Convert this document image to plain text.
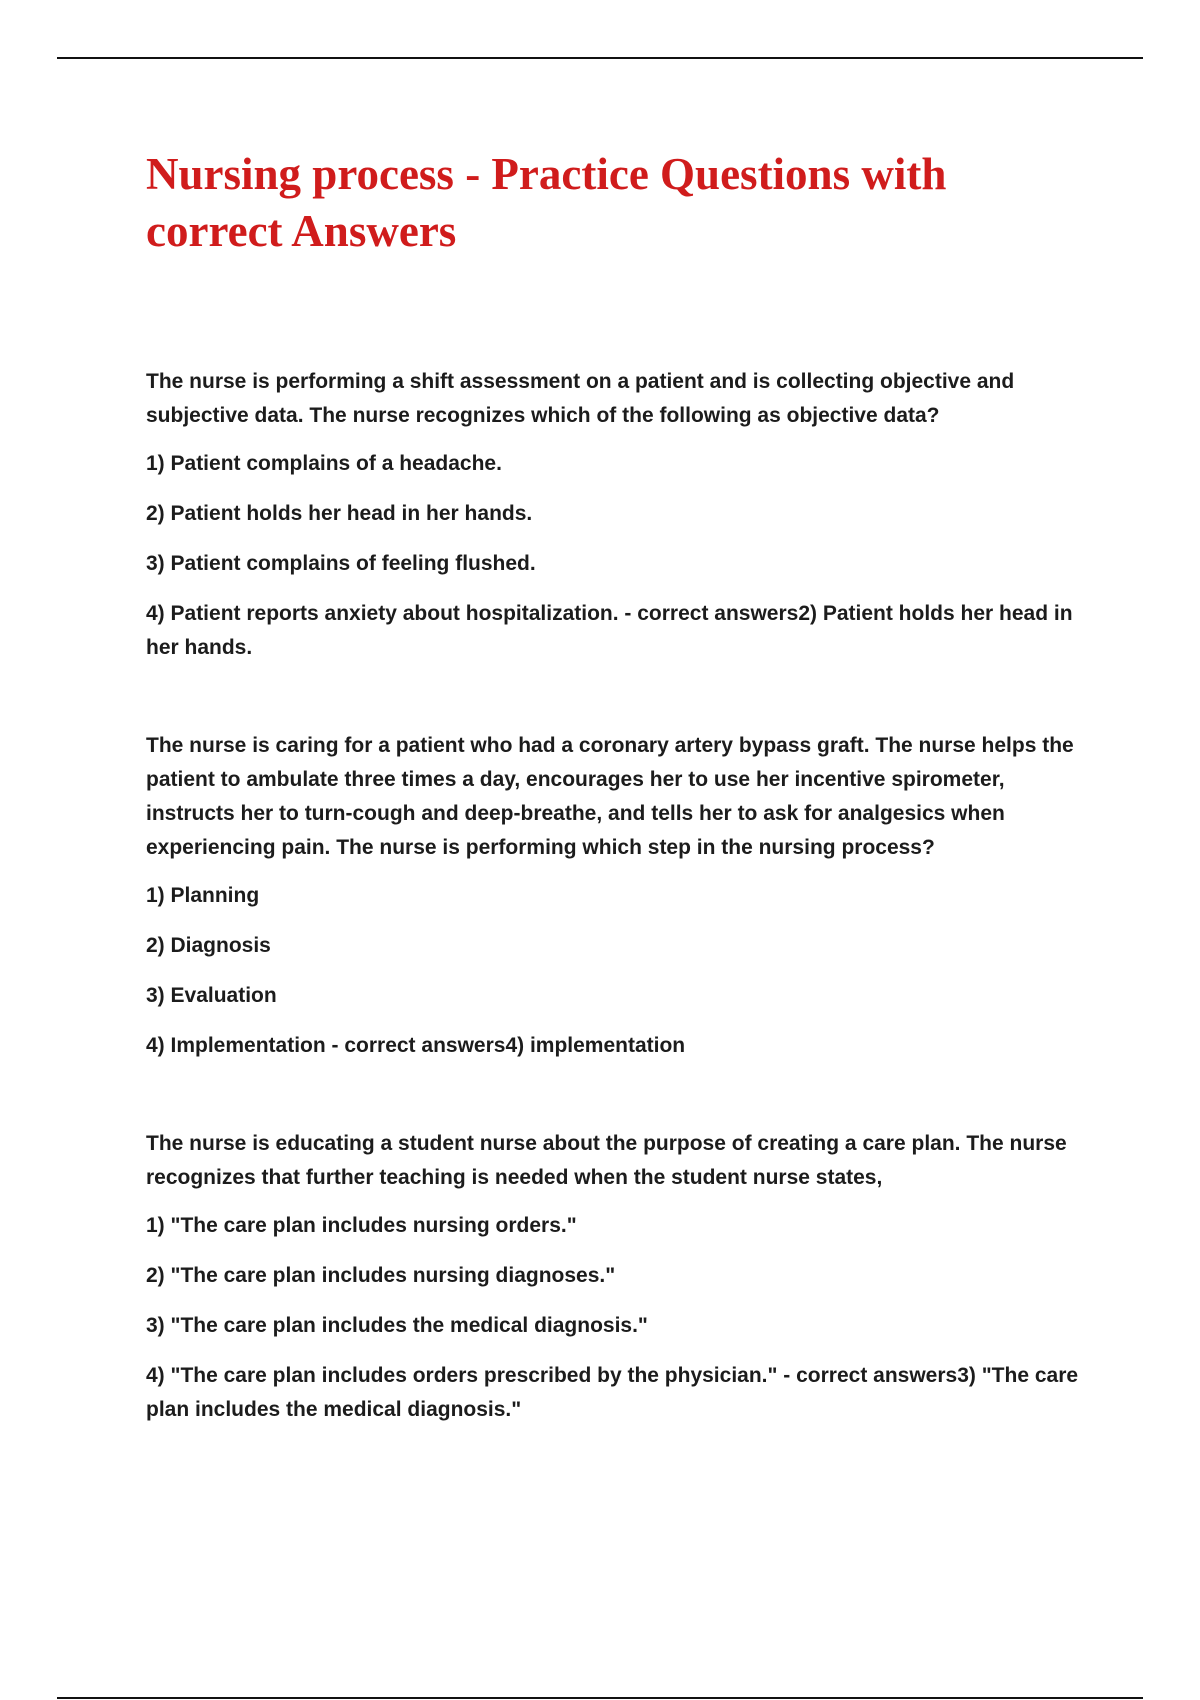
Nursing process - Practice Questions with correct Answers

The nurse is performing a shift assessment on a patient and is collecting objective and subjective data. The nurse recognizes which of the following as objective data?

1) Patient complains of a headache.

2) Patient holds her head in her hands.

3) Patient complains of feeling flushed.

4) Patient reports anxiety about hospitalization. - correct answers2) Patient holds her head in her hands.

The nurse is caring for a patient who had a coronary artery bypass graft. The nurse helps the patient to ambulate three times a day, encourages her to use her incentive spirometer, instructs her to turn-cough and deep-breathe, and tells her to ask for analgesics when experiencing pain. The nurse is performing which step in the nursing process?

1) Planning

2) Diagnosis

3) Evaluation

4) Implementation - correct answers4) implementation

The nurse is educating a student nurse about the purpose of creating a care plan. The nurse recognizes that further teaching is needed when the student nurse states,

1) "The care plan includes nursing orders."

2) "The care plan includes nursing diagnoses."

3) "The care plan includes the medical diagnosis."

4) "The care plan includes orders prescribed by the physician." - correct answers3) "The care plan includes the medical diagnosis."
